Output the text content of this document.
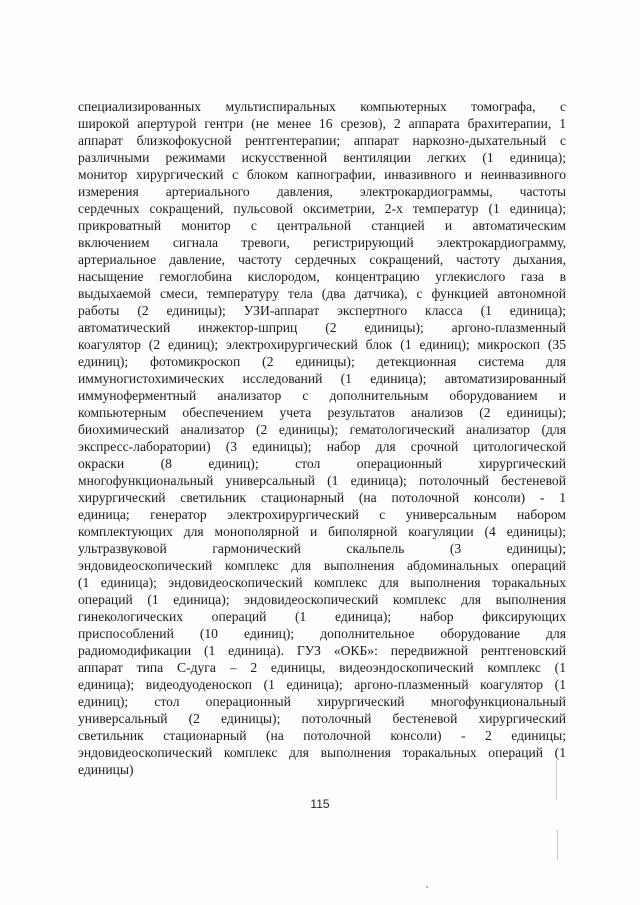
специализированных мультиспиральных компьютерных томографа, с
широкой апертурой гентри (не менее 16 срезов), 2 аппарата брахитерапии, 1
аппарат близкофокусной рентгентерапии; аппарат наркозно-дыхательный с
различными режимами искусственной вентиляции легких (1 единица);
монитор хирургический с блоком капнографии, инвазивного и неинвазивного
измерения артериального давления, электрокардиограммы, частоты
сердечных сокращений, пульсовой оксиметрии, 2-х температур (1 единица);
прикроватный монитор с центральной станцией и автоматическим
включением сигнала тревоги, регистрирующий электрокардиограмму,
артериальное давление, частоту сердечных сокращений, частоту дыхания,
насыщение гемоглобина кислородом, концентрацию углекислого газа в
выдыхаемой смеси, температуру тела (два датчика), с функцией автономной
работы (2 единицы); УЗИ-аппарат экспертного класса (1 единица);
автоматический инжектор-шприц (2 единицы); аргоно-плазменный
коагулятор (2 единиц); электрохирургический блок (1 единиц); микроскоп (35
единиц); фотомикроскоп (2 единицы); детекционная система для
иммуногистохимических исследований (1 единица); автоматизированный
иммуноферментный анализатор с дополнительным оборудованием и
компьютерным обеспечением учета результатов анализов (2 единицы);
биохимический анализатор (2 единицы); гематологический анализатор (для
экспресс-лаборатории) (3 единицы); набор для срочной цитологической
окраски (8 единиц); стол операционный хирургический
многофункциональный универсальный (1 единица); потолочный бестеневой
хирургический светильник стационарный (на потолочной консоли) - 1
единица; генератор электрохирургический с универсальным набором
комплектующих для монополярной и биполярной коагуляции (4 единицы);
ультразвуковой гармонический скальпель (3 единицы);
эндовидеоскопический комплекс для выполнения абдоминальных операций
(1 единица); эндовидеоскопический комплекс для выполнения торакальных
операций (1 единица); эндовидеоскопический комплекс для выполнения
гинекологических операций (1 единица); набор фиксирующих
приспособлений (10 единиц); дополнительное оборудование для
радиомодификации (1 единица). ГУЗ «ОКБ»: передвижной рентгеновский
аппарат типа С-дуга – 2 единицы, видеоэндоскопический комплекс (1
единица); видеодуоденоскоп (1 единица); аргоно-плазменный коагулятор (1
единиц); стол операционный хирургический многофункциональный
универсальный (2 единицы); потолочный бестеневой хирургический
светильник стационарный (на потолочной консоли) - 2 единицы;
эндовидеоскопический комплекс для выполнения торакальных операций (1
единицы)
115
